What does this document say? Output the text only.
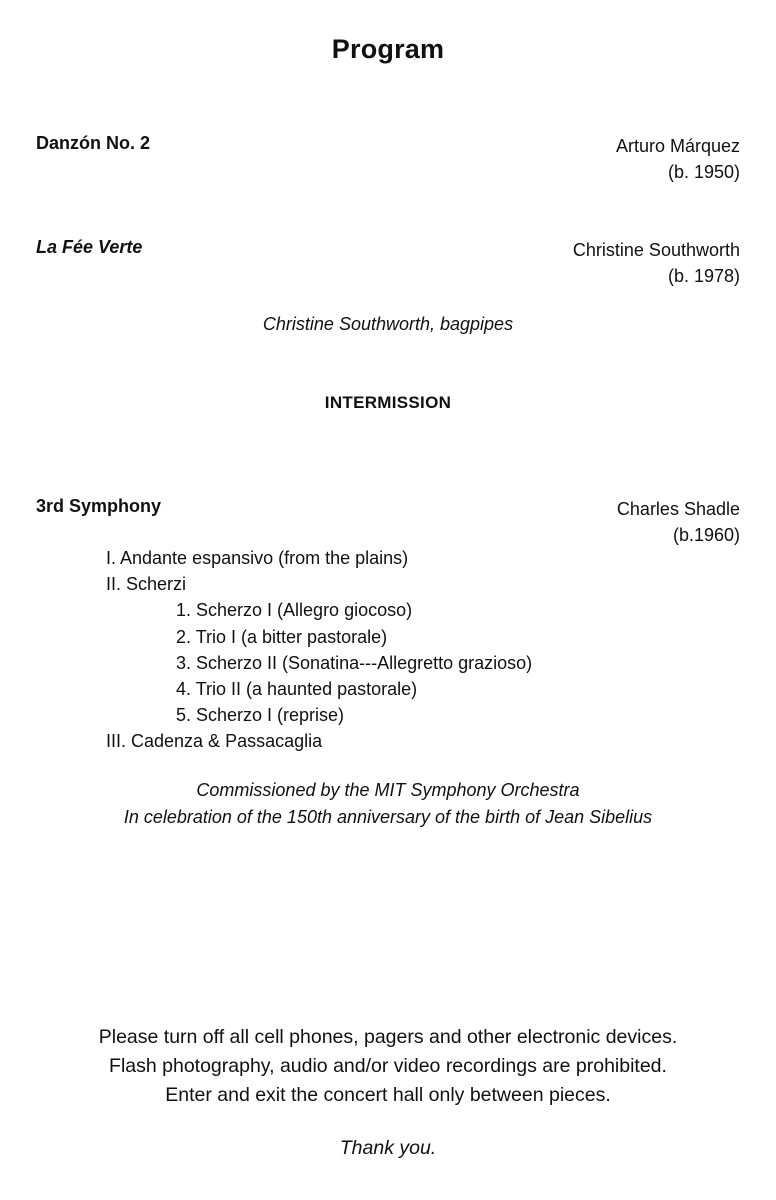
Program
Danzón No. 2	Arturo Márquez
(b. 1950)
La Fée Verte	Christine Southworth
(b. 1978)
Christine Southworth, bagpipes
INTERMISSION
3rd Symphony	Charles Shadle
(b.1960)
I. Andante espansivo (from the plains)
II. Scherzi
1. Scherzo I (Allegro giocoso)
2. Trio I (a bitter pastorale)
3. Scherzo II (Sonatina---Allegretto grazioso)
4. Trio II (a haunted pastorale)
5. Scherzo I (reprise)
III. Cadenza & Passacaglia
Commissioned by the MIT Symphony Orchestra
In celebration of the 150th anniversary of the birth of Jean Sibelius
Please turn off all cell phones, pagers and other electronic devices.
Flash photography, audio and/or video recordings are prohibited.
Enter and exit the concert hall only between pieces.
Thank you.
